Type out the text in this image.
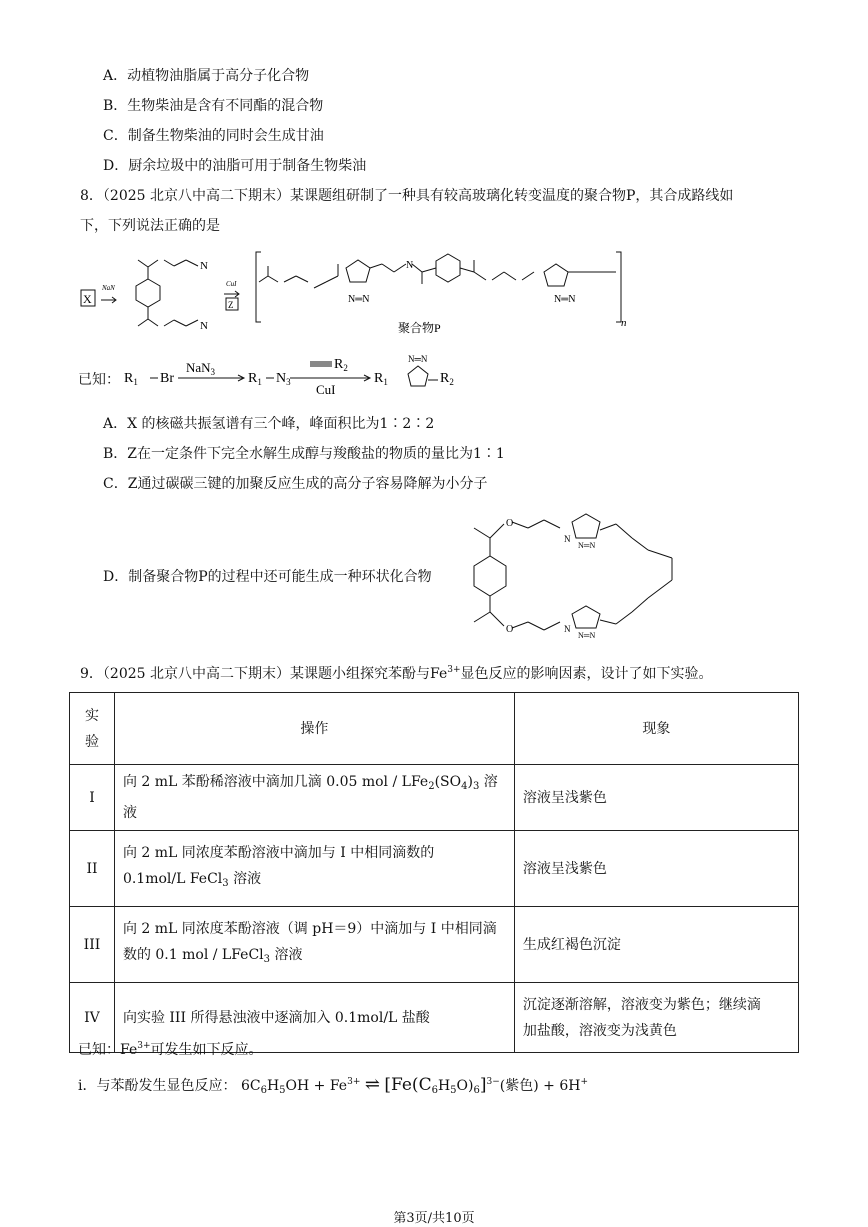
A．动植物油脂属于高分子化合物
B．生物柴油是含有不同酯的混合物
C．制备生物柴油的同时会生成甘油
D．厨余垃圾中的油脂可用于制备生物柴油
8．（2025 北京八中高二下期末）某课题组研制了一种具有较高玻璃化转变温度的聚合物P，其合成路线如
下，下列说法正确的是
X
NaN
N
N
CuI
Z
聚合物P	n
N═N	N═N
N
已知： $R_1$ Br
NaN$_3$ $R_1$ $N_3$
$R_2$
CuI
$R_1$	$R_2$
N═N
A．X 的核磁共振氢谱有三个峰，峰面积比为1∶2∶2
B．Z在一定条件下完全水解生成醇与羧酸盐的物质的量比为1∶1
C．Z通过碳碳三键的加聚反应生成的高分子容易降解为小分子
D．制备聚合物P的过程中还可能生成一种环状化合物
O
O
N
N
N═N
N═N
9．（2025 北京八中高二下期末）某课题小组探究苯酚与$Fe^{3+}$显色反应的影响因素，设计了如下实验。
实
验	操作	现象
I	向 2 mL 苯酚稀溶液中滴加几滴 0.05 mol / $LFe_2(SO_4)_3$ 溶液	溶液呈浅紫色
II	向 2 mL 同浓度苯酚溶液中滴加与 I 中相同滴数的
0.1mol/L FeCl$_3$ 溶液	溶液呈浅紫色
III	向 2 mL 同浓度苯酚溶液（调 pH＝9）中滴加与 I 中相同滴
数的 0.1 mol / LFeCl$_3$ 溶液	生成红褐色沉淀
IV	向实验 III 所得悬浊液中逐滴加入 0.1mol/L 盐酸	沉淀逐渐溶解，溶液变为紫色；继续滴
加盐酸，溶液变为浅黄色
已知：$Fe^{3+}$可发生如下反应。
i．与苯酚发生显色反应： $6C_6H_5OH + Fe^{3+}$ ⇌ $[Fe(C_6H_5O)_6]^{3-}$(紫色) + 6H+
第3页/共10页
